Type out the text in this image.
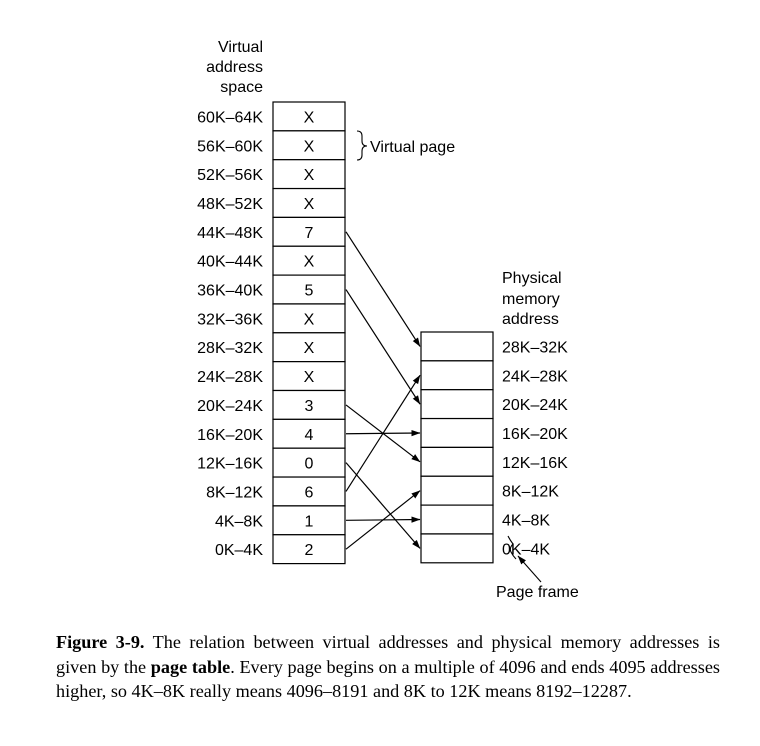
Virtual
address
space
Physical
memory
address
Virtual page
Page frame
X
60K–64K
X
56K–60K
X
52K–56K
X
48K–52K
7
44K–48K
X
40K–44K
5
36K–40K
X
32K–36K
X
28K–32K
X
24K–28K
3
20K–24K
4
16K–20K
0
12K–16K
6
8K–12K
1
4K–8K
2
0K–4K
28K–32K
24K–28K
20K–24K
16K–20K
12K–16K
8K–12K
4K–8K
0K–4K

Figure 3-9. The relation between virtual addresses and physical memory addresses is given by the page table. Every page begins on a multiple of 4096 and ends 4095 addresses higher, so 4K–8K really means 4096–8191 and 8K to 12K means 8192–12287.
